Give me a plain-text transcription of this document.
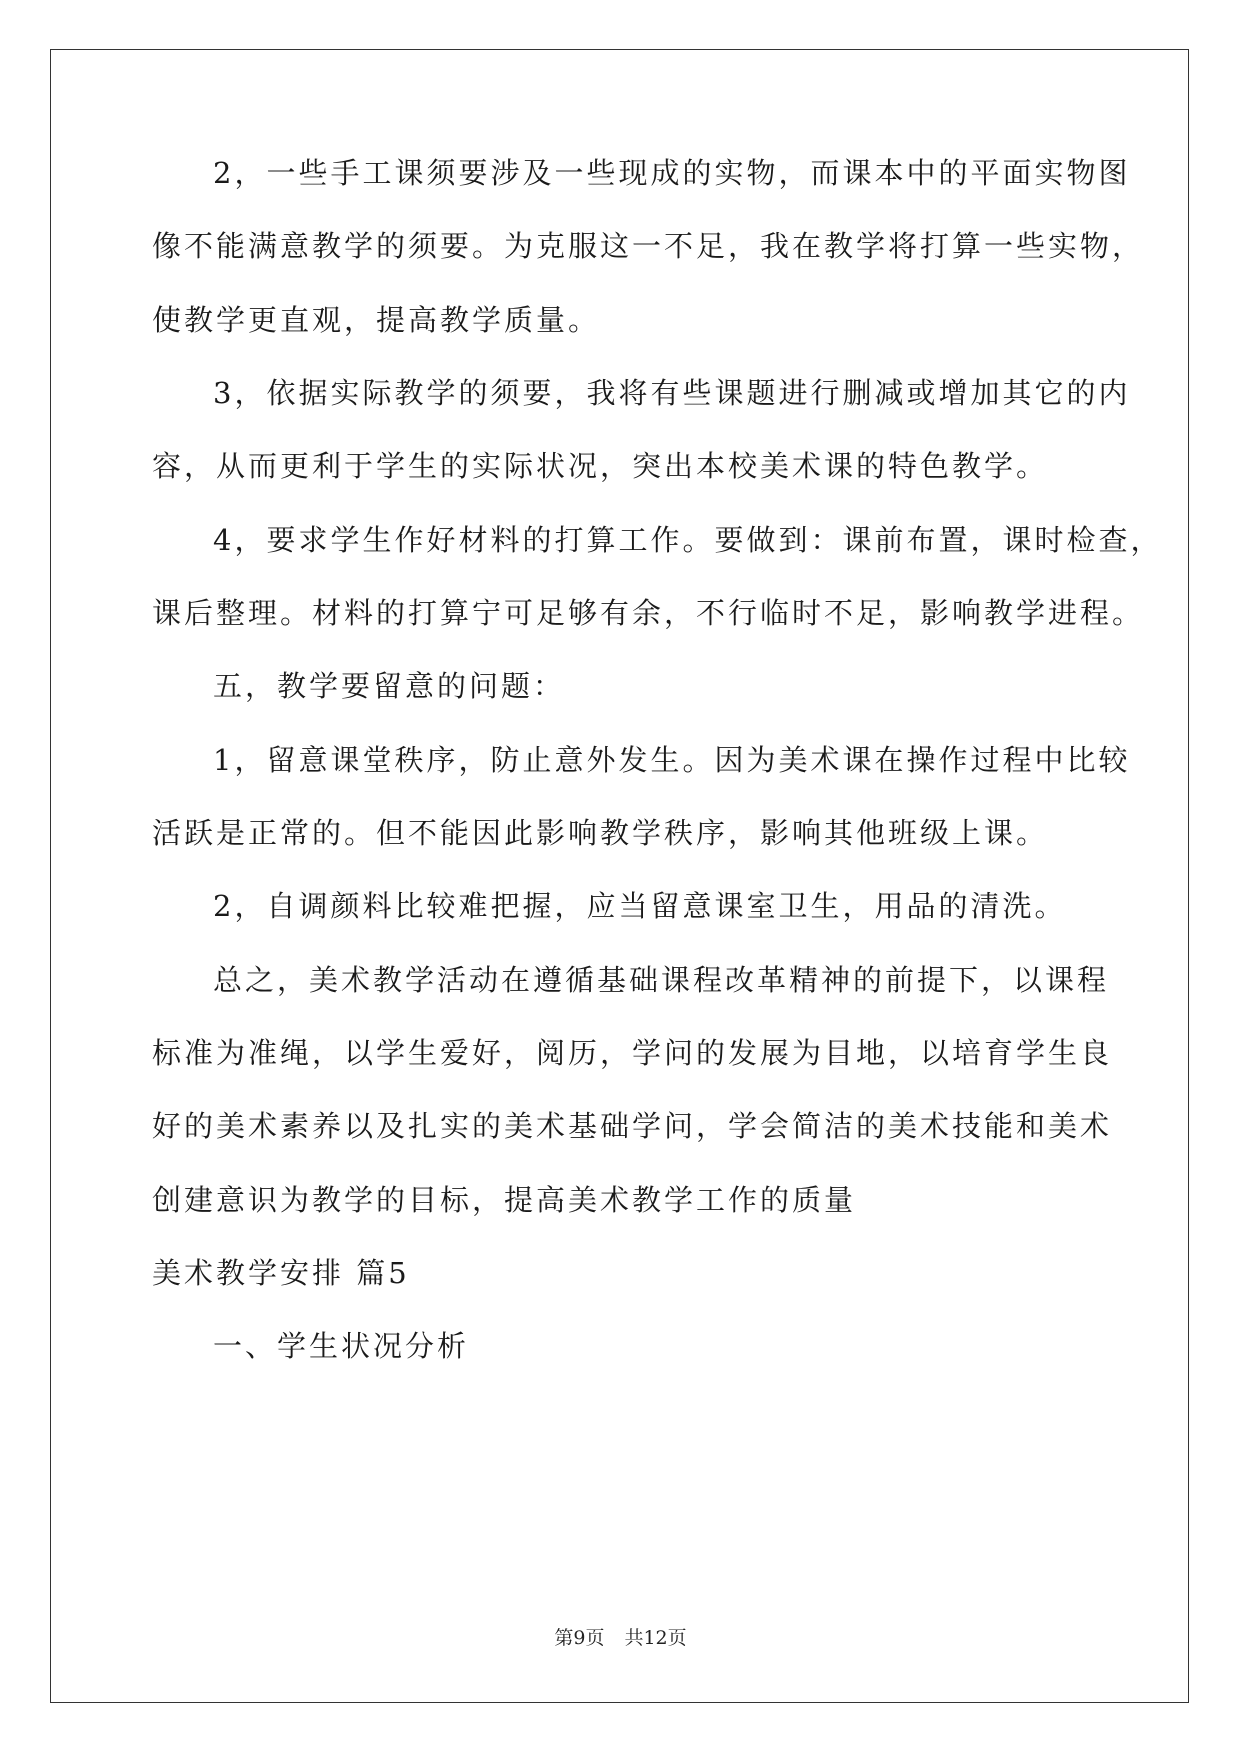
2，一些手工课须要涉及一些现成的实物，而课本中的平面实物图
像不能满意教学的须要。为克服这一不足，我在教学将打算一些实物，
使教学更直观，提高教学质量。
3，依据实际教学的须要，我将有些课题进行删减或增加其它的内
容，从而更利于学生的实际状况，突出本校美术课的特色教学。
4，要求学生作好材料的打算工作。要做到：课前布置，课时检查，
课后整理。材料的打算宁可足够有余，不行临时不足，影响教学进程。
五，教学要留意的问题：
1，留意课堂秩序，防止意外发生。因为美术课在操作过程中比较
活跃是正常的。但不能因此影响教学秩序，影响其他班级上课。
2，自调颜料比较难把握，应当留意课室卫生，用品的清洗。
总之，美术教学活动在遵循基础课程改革精神的前提下，以课程
标准为准绳，以学生爱好，阅历，学问的发展为目地，以培育学生良
好的美术素养以及扎实的美术基础学问，学会简洁的美术技能和美术
创建意识为教学的目标，提高美术教学工作的质量
美术教学安排 篇5
一、学生状况分析
第9页 共12页
